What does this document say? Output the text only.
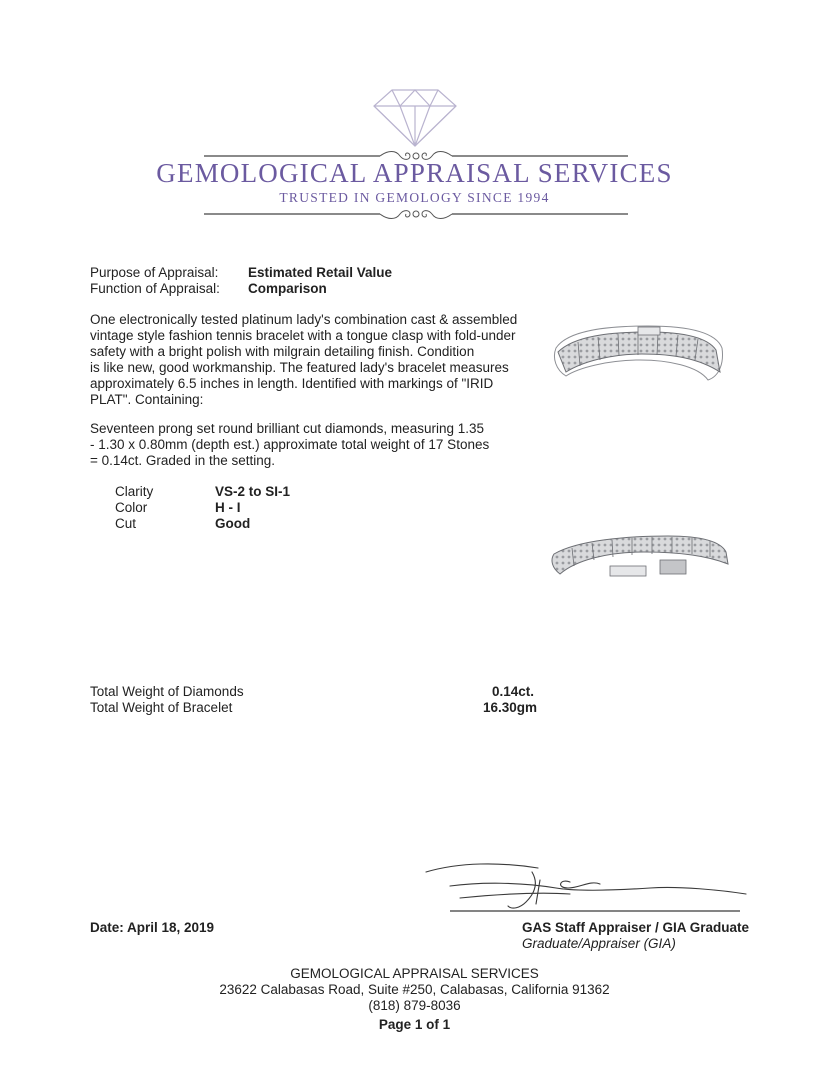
GEMOLOGICAL APPRAISAL SERVICES
TRUSTED IN GEMOLOGY SINCE 1994
Purpose of Appraisal: Estimated Retail Value
Function of Appraisal: Comparison
One electronically tested platinum lady's combination cast & assembled
vintage style fashion tennis bracelet with a tongue clasp with fold-under
safety with a bright polish with milgrain detailing finish. Condition
is like new, good workmanship. The featured lady's bracelet measures
approximately 6.5 inches in length. Identified with markings of "IRID
PLAT". Containing:
Seventeen prong set round brilliant cut diamonds, measuring 1.35
- 1.30 x 0.80mm (depth est.) approximate total weight of 17 Stones
= 0.14ct. Graded in the setting.
Clarity	VS-2 to SI-1
Color	H - I
Cut	Good
Total Weight of Diamonds	0.14ct.
Total Weight of Bracelet	16.30gm
Date: April 18, 2019	GAS Staff Appraiser / GIA Graduate
Graduate/Appraiser (GIA)
GEMOLOGICAL APPRAISAL SERVICES
23622 Calabasas Road, Suite #250, Calabasas, California 91362
(818) 879-8036
Page 1 of 1
